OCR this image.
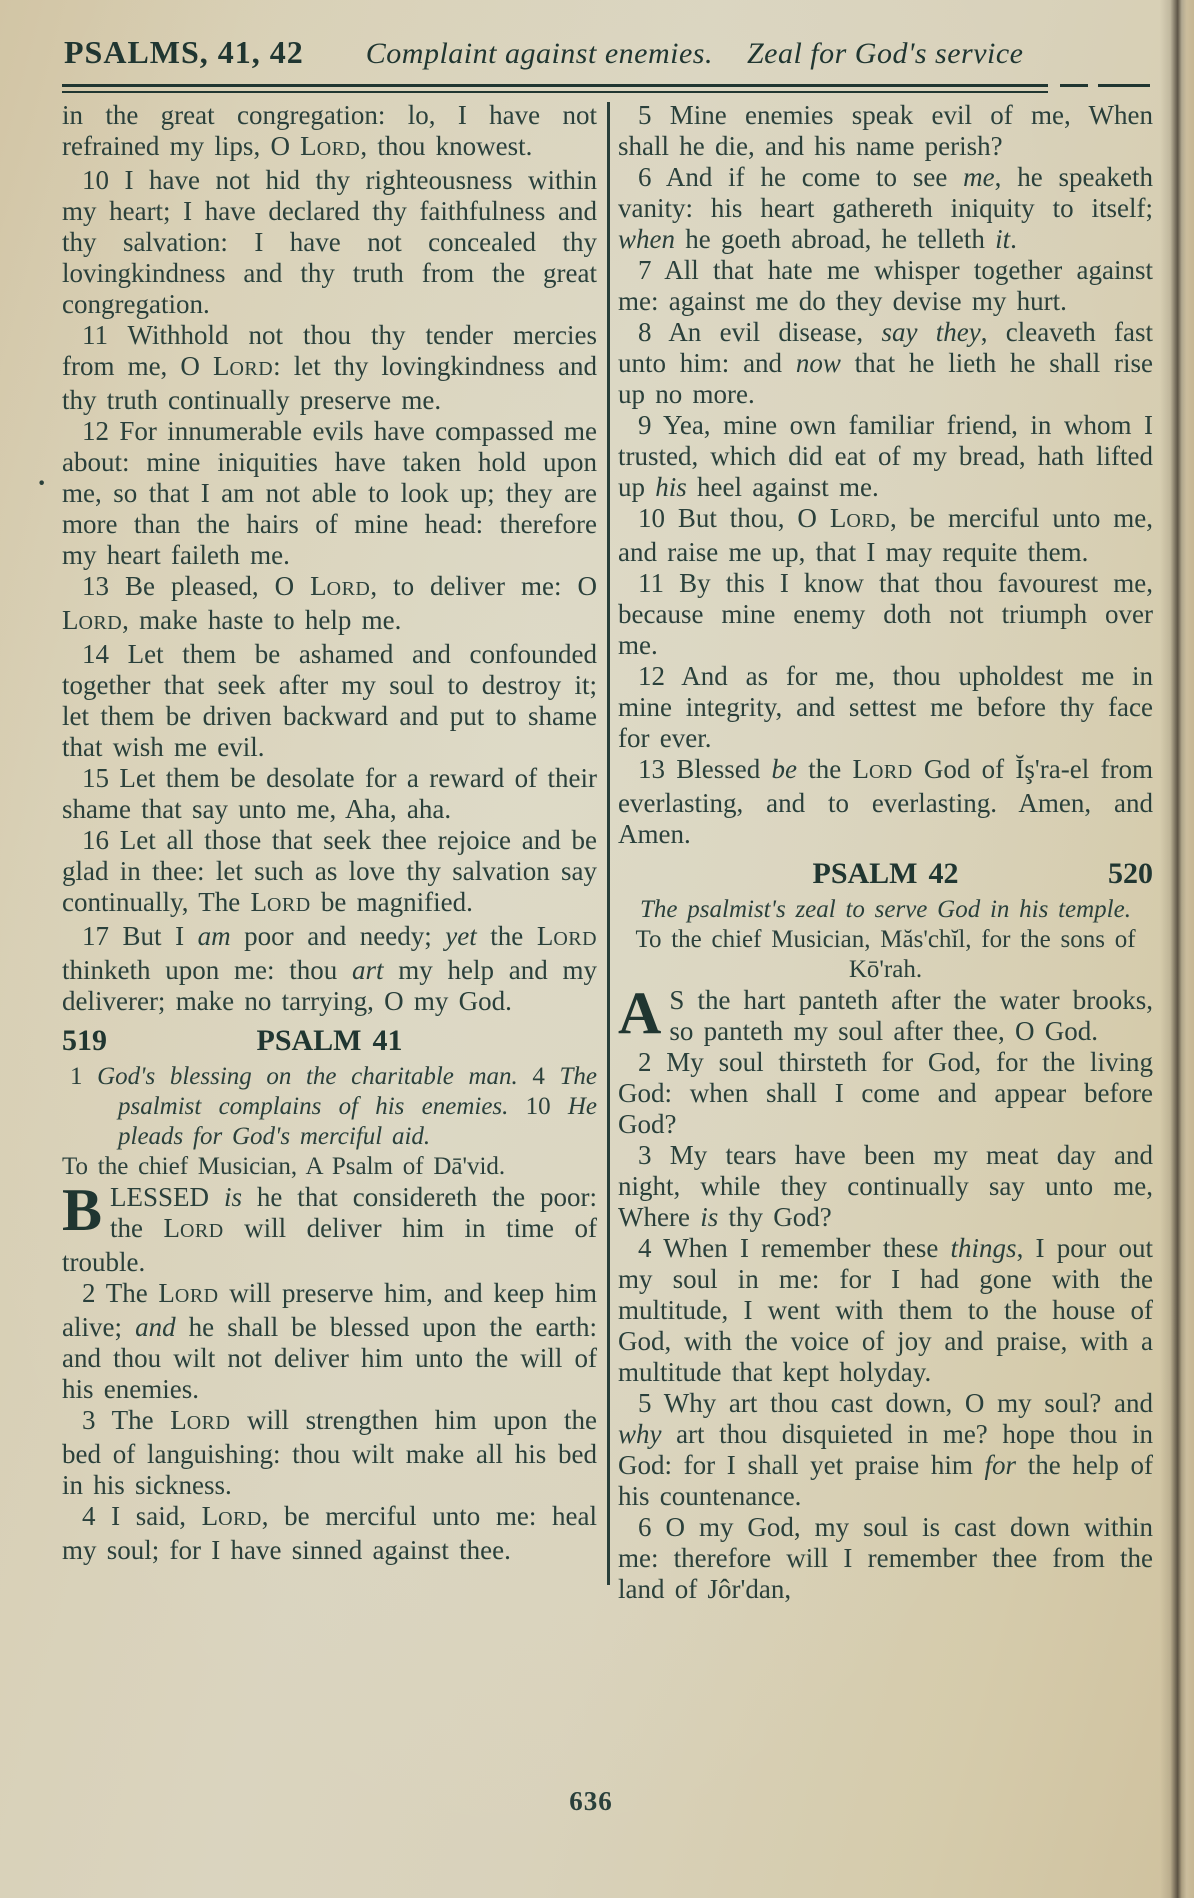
PSALMS, 41, 42 Complaint against enemies. Zeal for God's service
·

in the great congregation: lo, I have not refrained my lips, O LORD, thou knowest.

10 I have not hid thy righteousness within my heart; I have declared thy faithfulness and thy salvation: I have not concealed thy lovingkindness and thy truth from the great congregation.

11 Withhold not thou thy tender mercies from me, O LORD: let thy lovingkindness and thy truth continually preserve me.

12 For innumerable evils have compassed me about: mine iniquities have taken hold upon me, so that I am not able to look up; they are more than the hairs of mine head: therefore my heart faileth me.

13 Be pleased, O LORD, to deliver me: O LORD, make haste to help me.

14 Let them be ashamed and confounded together that seek after my soul to destroy it; let them be driven backward and put to shame that wish me evil.

15 Let them be desolate for a reward of their shame that say unto me, Aha, aha.

16 Let all those that seek thee rejoice and be glad in thee: let such as love thy salvation say continually, The LORD be magnified.

17 But I am poor and needy; yet the LORD thinketh upon me: thou art my help and my deliverer; make no tarrying, O my God.

519	PSALM 41

1 God's blessing on the charitable man. 4 The psalmist complains of his enemies. 10 He pleads for God's merciful aid.

To the chief Musician, A Psalm of Dā'vid.

BLESSED is he that considereth the poor: the LORD will deliver him in time of trouble.

2 The LORD will preserve him, and keep him alive; and he shall be blessed upon the earth: and thou wilt not deliver him unto the will of his enemies.

3 The LORD will strengthen him upon the bed of languishing: thou wilt make all his bed in his sickness.

4 I said, LORD, be merciful unto me: heal my soul; for I have sinned against thee.

5 Mine enemies speak evil of me, When shall he die, and his name perish?

6 And if he come to see me, he speaketh vanity: his heart gathereth iniquity to itself; when he goeth abroad, he telleth it.

7 All that hate me whisper together against me: against me do they devise my hurt.

8 An evil disease, say they, cleaveth fast unto him: and now that he lieth he shall rise up no more.

9 Yea, mine own familiar friend, in whom I trusted, which did eat of my bread, hath lifted up his heel against me.

10 But thou, O LORD, be merciful unto me, and raise me up, that I may requite them.

11 By this I know that thou favourest me, because mine enemy doth not triumph over me.

12 And as for me, thou upholdest me in mine integrity, and settest me before thy face for ever.

13 Blessed be the LORD God of Ĭş'ra-el from everlasting, and to everlasting. Amen, and Amen.

PSALM 42	520

The psalmist's zeal to serve God in his temple.

To the chief Musician, Măs'chĭl, for the sons of Kō'rah.

A S the hart panteth after the water brooks, so panteth my soul after thee, O God.

2 My soul thirsteth for God, for the living God: when shall I come and appear before God?

3 My tears have been my meat day and night, while they continually say unto me, Where is thy God?

4 When I remember these things, I pour out my soul in me: for I had gone with the multitude, I went with them to the house of God, with the voice of joy and praise, with a multitude that kept holyday.

5 Why art thou cast down, O my soul? and why art thou disquieted in me? hope thou in God: for I shall yet praise him for the help of his countenance.

6 O my God, my soul is cast down within me: therefore will I remember thee from the land of Jôr'dan,

636
